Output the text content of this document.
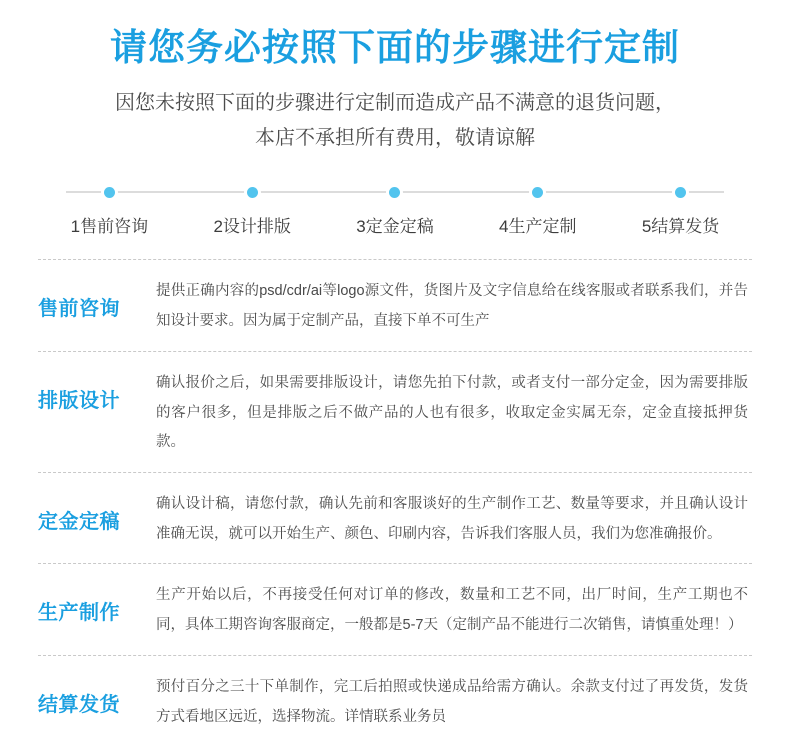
请您务必按照下面的步骤进行定制
因您未按照下面的步骤进行定制而造成产品不满意的退货问题，
本店不承担所有费用，敬请谅解
1售前咨询	2设计排版	3定金定稿	4生产定制	5结算发货
售前咨询
提供正确内容的psd/cdr/ai等logo源文件，货图片及文字信息给在线客服或者联系我们，并告知设计要求。因为属于定制产品，直接下单不可生产
排版设计
确认报价之后，如果需要排版设计，请您先拍下付款，或者支付一部分定金，因为需要排版的客户很多，但是排版之后不做产品的人也有很多，收取定金实属无奈，定金直接抵押货款。
定金定稿
确认设计稿，请您付款，确认先前和客服谈好的生产制作工艺、数量等要求，并且确认设计准确无误，就可以开始生产、颜色、印刷内容，告诉我们客服人员，我们为您准确报价。
生产制作
生产开始以后，不再接受任何对订单的修改，数量和工艺不同，出厂时间，生产工期也不同，具体工期咨询客服商定，一般都是5-7天（定制产品不能进行二次销售，请慎重处理！）
结算发货
预付百分之三十下单制作，完工后拍照或快递成品给需方确认。余款支付过了再发货，发货方式看地区远近，选择物流。详情联系业务员
